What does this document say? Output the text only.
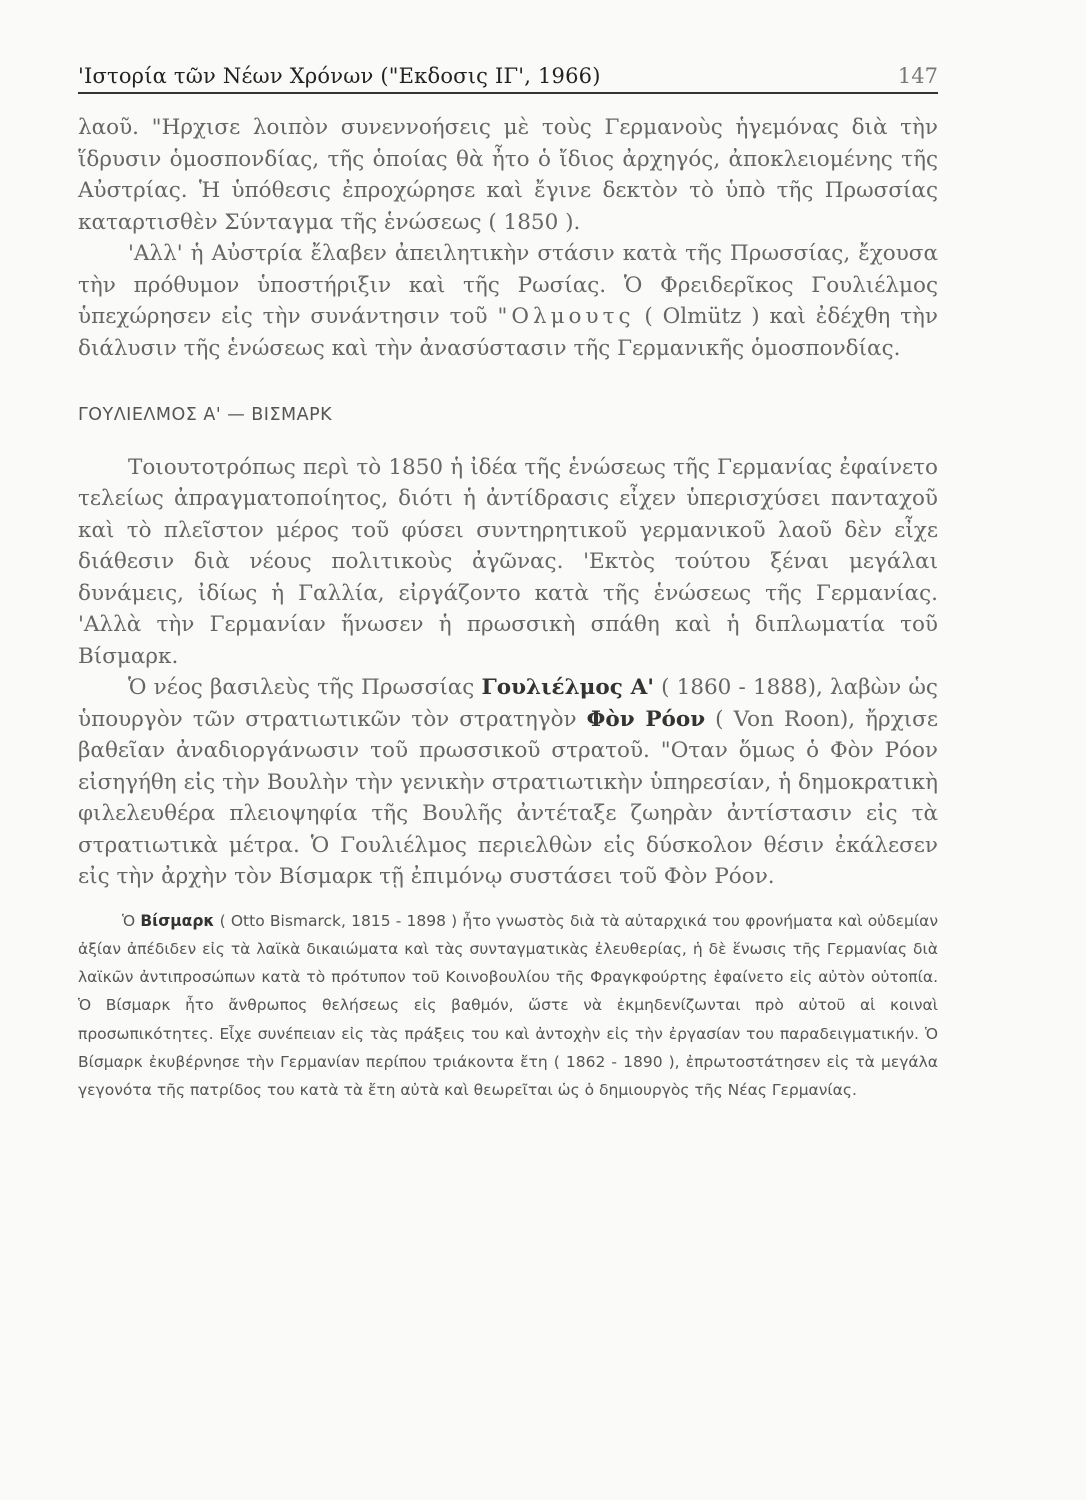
'Ιστορία τῶν Νέων Χρόνων ("Εκδοσις ΙΓ', 1966)	147

λαοῦ. "Ηρχισε λοιπὸν συνεννοήσεις μὲ τοὺς Γερμανοὺς ἡγεμόνας διὰ τὴν ἵδρυσιν ὁμοσπονδίας, τῆς ὁποίας θὰ ἦτο ὁ ἴδιος ἀρχηγός, ἀποκλειομένης τῆς Αὐστρίας. Ἡ ὑπόθεσις ἐπροχώρησε καὶ ἔγινε δεκτὸν τὸ ὑπὸ τῆς Πρωσσίας καταρτισθὲν Σύνταγμα τῆς ἑνώσεως ( 1850 ).

'Αλλ' ἡ Αὐστρία ἔλαβεν ἀπειλητικὴν στάσιν κατὰ τῆς Πρωσσίας, ἔχουσα τὴν πρόθυμον ὑποστήριξιν καὶ τῆς Ρωσίας. Ὁ Φρειδερῖκος Γουλιέλμος ὑπεχώρησεν εἰς τὴν συνάντησιν τοῦ "Ολμουτς ( Olmütz ) καὶ ἐδέχθη τὴν διάλυσιν τῆς ἑνώσεως καὶ τὴν ἀνασύστασιν τῆς Γερμανικῆς ὁμοσπονδίας.

ΓΟΥΛΙΕΛΜΟΣ Α' — ΒΙΣΜΑΡΚ

Τοιουτοτρόπως περὶ τὸ 1850 ἡ ἰδέα τῆς ἑνώσεως τῆς Γερμανίας ἐφαίνετο τελείως ἀπραγματοποίητος, διότι ἡ ἀντίδρασις εἶχεν ὑπερισχύσει πανταχοῦ καὶ τὸ πλεῖστον μέρος τοῦ φύσει συντηρητικοῦ γερμανικοῦ λαοῦ δὲν εἶχε διάθεσιν διὰ νέους πολιτικοὺς ἀγῶνας. 'Εκτὸς τούτου ξέναι μεγάλαι δυνάμεις, ἰδίως ἡ Γαλλία, εἰργάζοντο κατὰ τῆς ἑνώσεως τῆς Γερμανίας. 'Αλλὰ τὴν Γερμανίαν ἥνωσεν ἡ πρωσσικὴ σπάθη καὶ ἡ διπλωματία τοῦ Βίσμαρκ.

Ὁ νέος βασιλεὺς τῆς Πρωσσίας Γουλιέλμος Α' ( 1860 - 1888), λαβὼν ὡς ὑπουργὸν τῶν στρατιωτικῶν τὸν στρατηγὸν Φὸν Ρόον ( Von Roon), ἤρχισε βαθεῖαν ἀναδιοργάνωσιν τοῦ πρωσσικοῦ στρατοῦ. "Οταν ὅμως ὁ Φὸν Ρόον εἰσηγήθη εἰς τὴν Βουλὴν τὴν γενικὴν στρατιωτικὴν ὑπηρεσίαν, ἡ δημοκρατικὴ φιλελευθέρα πλειοψηφία τῆς Βουλῆς ἀντέταξε ζωηρὰν ἀντίστασιν εἰς τὰ στρατιωτικὰ μέτρα. Ὁ Γουλιέλμος περιελθὼν εἰς δύσκολον θέσιν ἐκάλεσεν εἰς τὴν ἀρχὴν τὸν Βίσμαρκ τῇ ἐπιμόνῳ συστάσει τοῦ Φὸν Ρόον.

Ὁ Βίσμαρκ ( Otto Bismarck, 1815 - 1898 ) ἦτο γνωστὸς διὰ τὰ αὐταρχικά του φρονήματα καὶ οὐδεμίαν ἀξίαν ἀπέδιδεν εἰς τὰ λαϊκὰ δικαιώματα καὶ τὰς συνταγματικὰς ἐλευθερίας, ἡ δὲ ἕνωσις τῆς Γερμανίας διὰ λαϊκῶν ἀντιπροσώπων κατὰ τὸ πρότυπον τοῦ Κοινοβουλίου τῆς Φραγκφούρτης ἐφαίνετο εἰς αὐτὸν οὐτοπία. Ὁ Βίσμαρκ ἦτο ἄνθρωπος θελήσεως εἰς βαθμόν, ὥστε νὰ ἐκμηδενίζωνται πρὸ αὐτοῦ αἱ κοιναὶ προσωπικότητες. Εἶχε συνέπειαν εἰς τὰς πράξεις του καὶ ἀντοχὴν εἰς τὴν ἐργασίαν του παραδειγματικήν. Ὁ Βίσμαρκ ἐκυβέρνησε τὴν Γερμανίαν περίπου τριάκοντα ἔτη ( 1862 - 1890 ), ἐπρωτοστάτησεν εἰς τὰ μεγάλα γεγονότα τῆς πατρίδος του κατὰ τὰ ἔτη αὐτὰ καὶ θεωρεῖται ὡς ὁ δημιουργὸς τῆς Νέας Γερμανίας.
